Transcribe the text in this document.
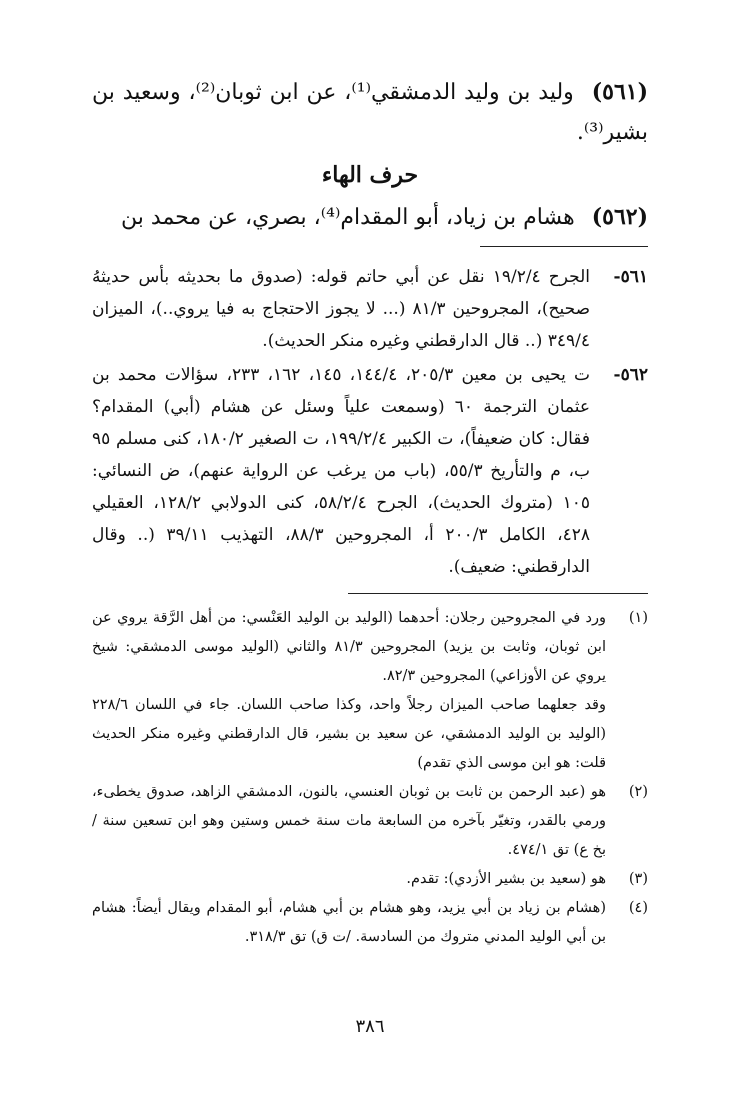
(٥٦١) وليد بن وليد الدمشقي⁽¹⁾، عن ابن ثوبان⁽²⁾، وسعيد بن بشير⁽³⁾.

حرف الهاء

(٥٦٢) هشام بن زياد، أبو المقدام⁽⁴⁾، بصري، عن محمد بن

٥٦١-
الجرح ١٩/٢/٤ نقل عن أبي حاتم قوله: (صدوق ما بحديثه بأس حديثهُ صحيح)، المجروحين ٨١/٣ (... لا يجوز الاحتجاج به فيا يروي..)، الميزان ٣٤٩/٤ (.. قال الدارقطني وغيره منكر الحديث).
٥٦٢-
ت يحيى بن معين ٢٠٥/٣، ١٤٤/٤، ١٤٥، ١٦٢، ٢٣٣، سؤالات محمد بن عثمان الترجمة ٦٠ (وسمعت علياً وسئل عن هشام (أبي) المقدام؟ فقال: كان ضعيفاً)، ت الكبير ١٩٩/٢/٤، ت الصغير ١٨٠/٢، كنى مسلم ٩٥ ب، م والتأريخ ٥٥/٣، (باب من يرغب عن الرواية عنهم)، ض النسائي: ١٠٥ (متروك الحديث)، الجرح ٥٨/٢/٤، كنى الدولابي ١٢٨/٢، العقيلي ٤٢٨، الكامل ٢٠٠/٣ أ، المجروحين ٨٨/٣، التهذيب ٣٩/١١ (.. وقال الدارقطني: ضعيف).
(١)

ورد في المجروحين رجلان: أحدهما (الوليد بن الوليد العَنْسي: من أهل الرَّقة يروي عن ابن ثوبان، وثابت بن يزيد) المجروحين ٨١/٣ والثاني (الوليد موسى الدمشقي: شيخ يروي عن الأوزاعي) المجروحين ٨٢/٣.

وقد جعلهما صاحب الميزان رجلاً واحد، وكذا صاحب اللسان. جاء في اللسان ٢٢٨/٦ (الوليد بن الوليد الدمشقي، عن سعيد بن بشير، قال الدارقطني وغيره منكر الحديث قلت: هو ابن موسى الذي تقدم)

(٢)

هو (عبد الرحمن بن ثابت بن ثوبان العنسي، بالنون، الدمشقي الزاهد، صدوق يخطىء، ورمي بالقدر، وتغيّر بآخره من السابعة مات سنة خمس وستين وهو ابن تسعين سنة / بخ ع) تق ٤٧٤/١.

(٣)

هو (سعيد بن بشير الأزدي): تقدم.

(٤)

(هشام بن زياد بن أبي يزيد، وهو هشام بن أبي هشام، أبو المقدام ويقال أيضاً: هشام بن أبي الوليد المدني متروك من السادسة. /ت ق) تق ٣١٨/٣.

٣٨٦
